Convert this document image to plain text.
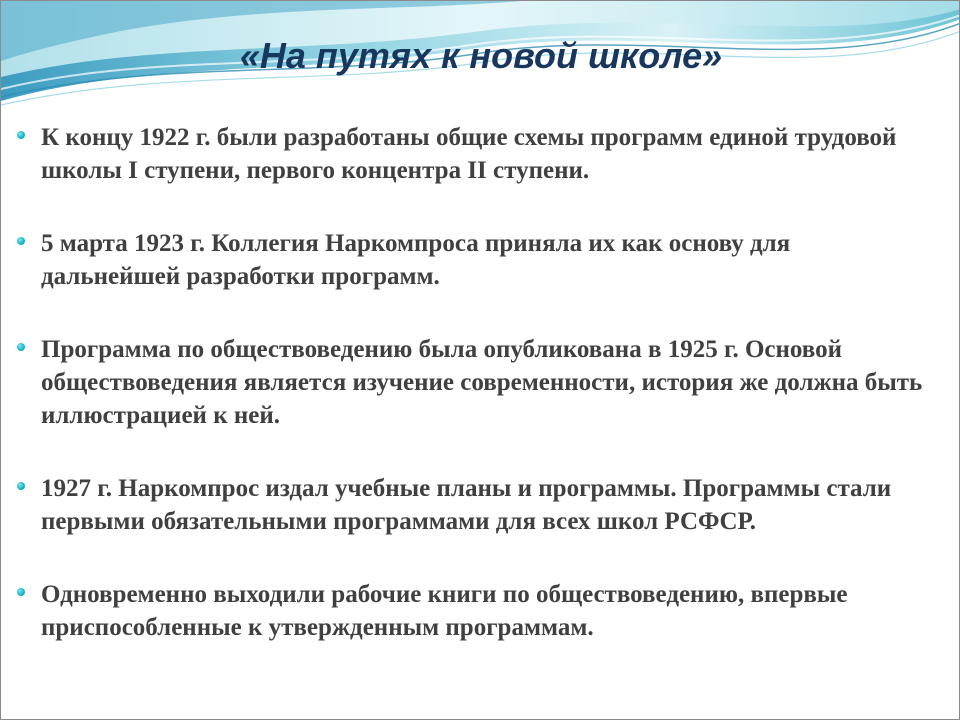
«На путях к новой школе»
К концу 1922 г. были разработаны общие схемы программ единой трудовой школы I ступени, первого концентра II ступени.
5 марта 1923 г. Коллегия Наркомпроса приняла их как основу для дальнейшей разработки программ.
Программа по обществоведению была опубликована в 1925 г. Основой обществоведения является изучение современности, история же должна быть иллюстрацией к ней.
1927 г. Наркомпрос издал учебные планы и программы. Программы стали первыми обязательными программами для всех школ РСФСР.
Одновременно выходили рабочие книги по обществоведению, впервые приспособленные к утвержденным программам.
